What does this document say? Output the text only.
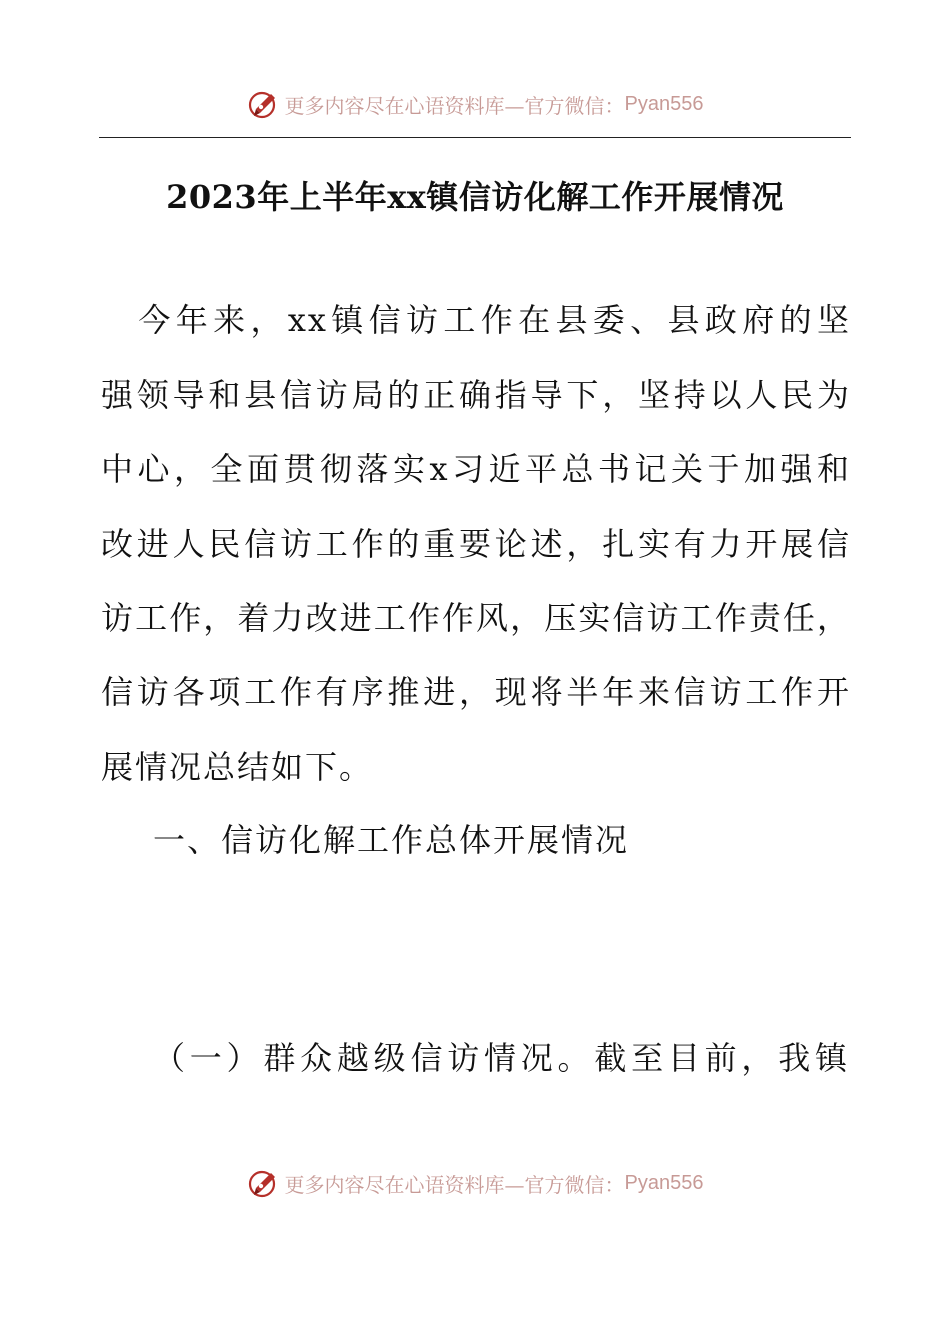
更多内容尽在心语资料库—官方微信： Pyan556
2023年上半年xx镇信访化解工作开展情况
　今年来，xx镇信访工作在县委、县政府的坚
强领导和县信访局的正确指导下，坚持以人民为
中心，全面贯彻落实x习近平总书记关于加强和
改进人民信访工作的重要论述，扎实有力开展信
访工作，着力改进工作作风，压实信访工作责任，
信访各项工作有序推进，现将半年来信访工作开
展情况总结如下。
一、信访化解工作总体开展情况
（一）群众越级信访情况。截至目前，我镇
更多内容尽在心语资料库—官方微信： Pyan556
